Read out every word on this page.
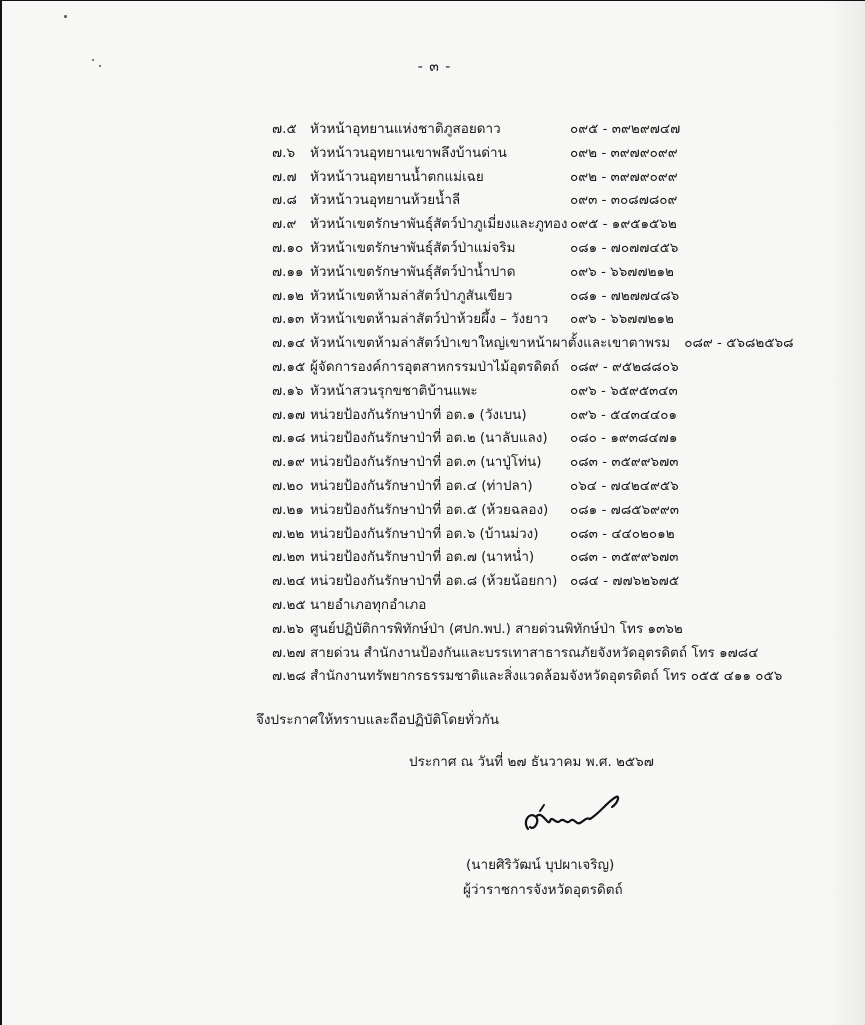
- ๓ -
๗.๕ หัวหน้าอุทยานแห่งชาติภูสอยดาว	๐๙๕ - ๓๙๒๙๗๔๗
๗.๖ หัวหน้าวนอุทยานเขาพลึงบ้านด่าน	๐๙๒ - ๓๙๗๙๐๙๙
๗.๗ หัวหน้าวนอุทยานน้ำตกแม่เฉย	๐๙๒ - ๓๙๗๙๐๙๙
๗.๘ หัวหน้าวนอุทยานห้วยน้ำลี	๐๙๓ - ๓๐๘๗๘๐๙
๗.๙ หัวหน้าเขตรักษาพันธุ์สัตว์ป่าภูเมี่ยงและภูทอง ๐๙๕ - ๑๙๕๑๕๖๒
๗.๑๐ หัวหน้าเขตรักษาพันธุ์สัตว์ป่าแม่จริม	๐๘๑ - ๗๐๗๗๔๕๖
๗.๑๑ หัวหน้าเขตรักษาพันธุ์สัตว์ป่าน้ำปาด	๐๙๖ - ๖๖๗๗๒๑๒
๗.๑๒ หัวหน้าเขตห้ามล่าสัตว์ป่าภูสันเขียว	๐๘๑ - ๗๒๗๗๔๘๖
๗.๑๓ หัวหน้าเขตห้ามล่าสัตว์ป่าห้วยผึ้ง – วังยาว ๐๙๖ - ๖๖๗๗๒๑๒
๗.๑๔ หัวหน้าเขตห้ามล่าสัตว์ป่าเขาใหญ่เขาหน้าผาตั้งและเขาตาพรม ๐๘๙ - ๕๖๘๒๕๖๘
๗.๑๕ ผู้จัดการองค์การอุตสาหกรรมป่าไม้อุตรดิตถ์ ๐๘๙ - ๙๕๒๘๘๐๖
๗.๑๖ หัวหน้าสวนรุกขชาติบ้านแพะ	๐๙๖ - ๖๕๙๕๓๔๓
๗.๑๗ หน่วยป้องกันรักษาป่าที่ อต.๑ (วังเบน)	๐๙๖ - ๕๔๓๔๔๐๑
๗.๑๘ หน่วยป้องกันรักษาป่าที่ อต.๒ (นาลับแลง) ๐๘๐ - ๑๙๓๘๔๗๑
๗.๑๙ หน่วยป้องกันรักษาป่าที่ อต.๓ (นาปู่โท่น) ๐๘๓ - ๓๕๙๙๖๗๓
๗.๒๐ หน่วยป้องกันรักษาป่าที่ อต.๔ (ท่าปลา)	๐๖๔ - ๗๔๒๔๙๕๖
๗.๒๑ หน่วยป้องกันรักษาป่าที่ อต.๕ (ห้วยฉลอง) ๐๘๑ - ๗๘๕๖๙๙๓
๗.๒๒ หน่วยป้องกันรักษาป่าที่ อต.๖ (บ้านม่วง) ๐๘๓ - ๔๔๐๒๐๑๒
๗.๒๓ หน่วยป้องกันรักษาป่าที่ อต.๗ (นาหน่ำ)	๐๘๓ - ๓๕๙๙๖๗๓
๗.๒๔ หน่วยป้องกันรักษาป่าที่ อต.๘ (ห้วยน้อยกา) ๐๘๔ - ๗๗๖๒๖๗๕
๗.๒๕ นายอำเภอทุกอำเภอ
๗.๒๖ ศูนย์ปฏิบัติการพิทักษ์ป่า (ศปก.พป.) สายด่วนพิทักษ์ป่า โทร ๑๓๖๒
๗.๒๗ สายด่วน สำนักงานป้องกันและบรรเทาสาธารณภัยจังหวัดอุตรดิตถ์ โทร ๑๗๘๔
๗.๒๘ สำนักงานทรัพยากรธรรมชาติและสิ่งแวดล้อมจังหวัดอุตรดิตถ์ โทร ๐๕๕ ๔๑๑ ๐๕๖
จึงประกาศให้ทราบและถือปฏิบัติโดยทั่วกัน
ประกาศ ณ วันที่ ๒๗ ธันวาคม พ.ศ. ๒๕๖๗
(นายศิริวัฒน์ บุปผาเจริญ)
ผู้ว่าราชการจังหวัดอุตรดิตถ์
